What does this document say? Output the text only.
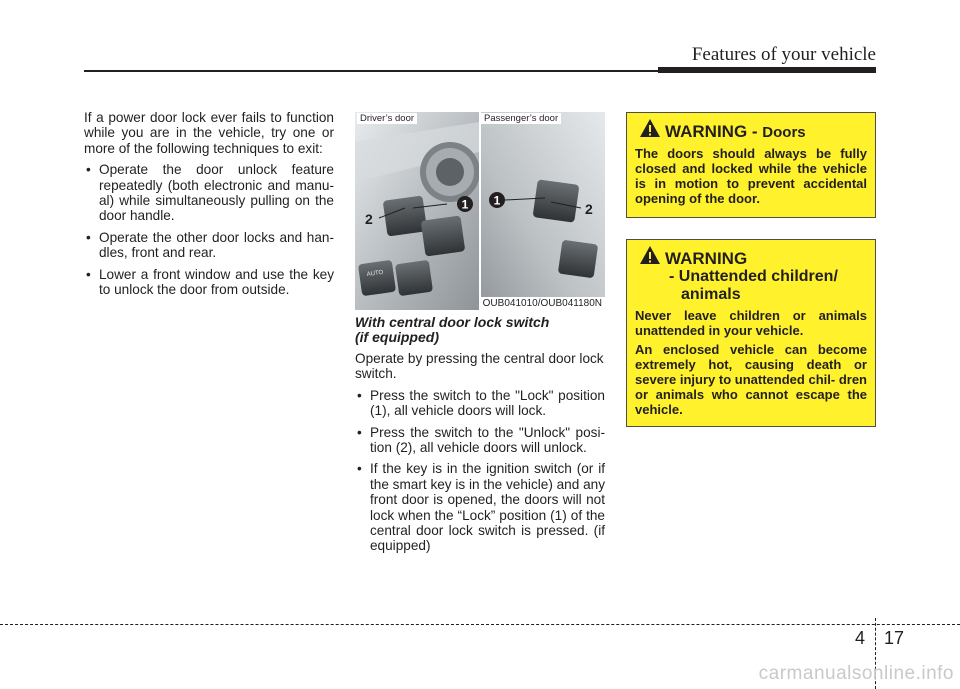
Features of your vehicle

If a power door lock ever fails to function while you are in the vehicle, try one or more of the following techniques to exit:

• Operate the door unlock feature repeatedly (both electronic and manu- al) while simultaneously pulling on the door handle.
• Operate the other door locks and han- dles, front and rear.
• Lower a front window and use the key to unlock the door from outside.
1
2
1
2
AUTO
Driver’s door	Passenger’s door
OUB041010/OUB041180N
With central door lock switch
(if equipped)

Operate by pressing the central door lock switch.

• Press the switch to the "Lock" position (1), all vehicle doors will lock.
• Press the switch to the "Unlock" posi- tion (2), all vehicle doors will unlock.
• If the key is in the ignition switch (or if the smart key is in the vehicle) and any front door is opened, the doors will not lock when the “Lock” position (1) of the central door lock switch is pressed. (if equipped)
WARNING - Doors

The doors should always be fully closed and locked while the vehicle is in motion to prevent accidental opening of the door.

WARNING
- Unattended children/
animals

Never leave children or animals unattended in your vehicle.

An enclosed vehicle can become extremely hot, causing death or severe injury to unattended chil- dren or animals who cannot escape the vehicle.

4 17
carmanualsonline.info
